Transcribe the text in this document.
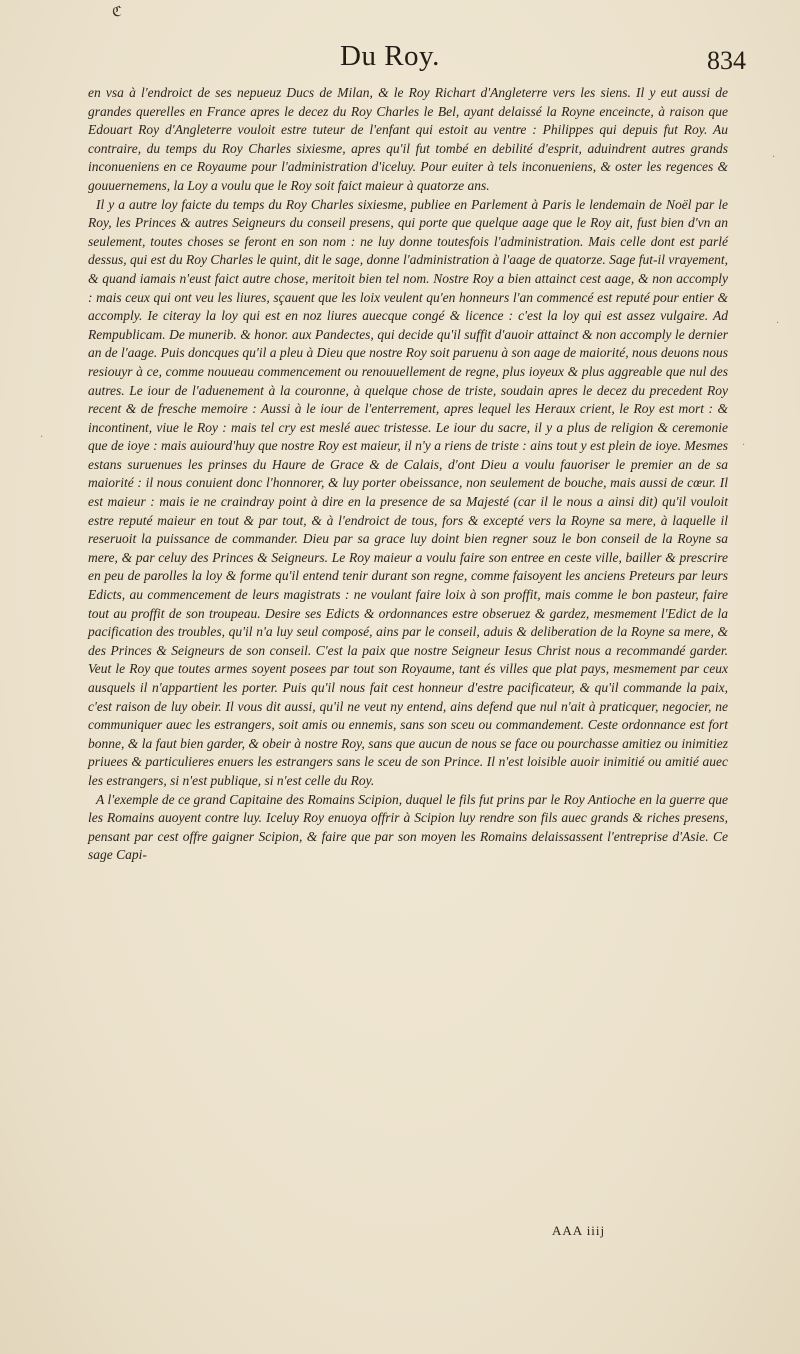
ℭ
Du Roy.	834

en vsa à l'endroict de ses nepueuz Ducs de Milan, & le Roy Richart d'Angleterre vers les siens. Il y eut aussi de grandes querelles en France apres le decez du Roy Charles le Bel, ayant delaissé la Royne enceincte, à raison que Edouart Roy d'Angleterre vouloit estre tuteur de l'enfant qui estoit au ventre : Philippes qui depuis fut Roy. Au contraire, du temps du Roy Charles sixiesme, apres qu'il fut tombé en debilité d'esprit, aduindrent autres grands inconueniens en ce Royaume pour l'administration d'iceluy. Pour euiter à tels inconueniens, & oster les regences & gouuernemens, la Loy a voulu que le Roy soit faict maieur à quatorze ans.

Il y a autre loy faicte du temps du Roy Charles sixiesme, publiee en Parlement à Paris le lendemain de Noël par le Roy, les Princes & autres Seigneurs du conseil presens, qui porte que quelque aage que le Roy ait, fust bien d'vn an seulement, toutes choses se feront en son nom : ne luy donne toutesfois l'administration. Mais celle dont est parlé dessus, qui est du Roy Charles le quint, dit le sage, donne l'administration à l'aage de quatorze. Sage fut-il vrayement, & quand iamais n'eust faict autre chose, meritoit bien tel nom. Nostre Roy a bien attainct cest aage, & non accomply : mais ceux qui ont veu les liures, sçauent que les loix veulent qu'en honneurs l'an commencé est reputé pour entier & accomply. Ie citeray la loy qui est en noz liures auecque congé & licence : c'est la loy qui est assez vulgaire. Ad Rempublicam. De munerib. & honor. aux Pandectes, qui decide qu'il suffit d'auoir attainct & non accomply le dernier an de l'aage. Puis doncques qu'il a pleu à Dieu que nostre Roy soit paruenu à son aage de maiorité, nous deuons nous resiouyr à ce, comme nouueau commencement ou renouuellement de regne, plus ioyeux & plus aggreable que nul des autres. Le iour de l'aduenement à la couronne, à quelque chose de triste, soudain apres le decez du precedent Roy recent & de fresche memoire : Aussi à le iour de l'enterrement, apres lequel les Heraux crient, le Roy est mort : & incontinent, viue le Roy : mais tel cry est meslé auec tristesse. Le iour du sacre, il y a plus de religion & ceremonie que de ioye : mais auiourd'huy que nostre Roy est maieur, il n'y a riens de triste : ains tout y est plein de ioye. Mesmes estans suruenues les prinses du Haure de Grace & de Calais, d'ont Dieu a voulu fauoriser le premier an de sa maiorité : il nous conuient donc l'honnorer, & luy porter obeissance, non seulement de bouche, mais aussi de cœur. Il est maieur : mais ie ne craindray point à dire en la presence de sa Majesté (car il le nous a ainsi dit) qu'il vouloit estre reputé maieur en tout & par tout, & à l'endroict de tous, fors & excepté vers la Royne sa mere, à laquelle il reseruoit la puissance de commander. Dieu par sa grace luy doint bien regner souz le bon conseil de la Royne sa mere, & par celuy des Princes & Seigneurs. Le Roy maieur a voulu faire son entree en ceste ville, bailler & prescrire en peu de parolles la loy & forme qu'il entend tenir durant son regne, comme faisoyent les anciens Preteurs par leurs Edicts, au commencement de leurs magistrats : ne voulant faire loix à son proffit, mais comme le bon pasteur, faire tout au proffit de son troupeau. Desire ses Edicts & ordonnances estre obseruez & gardez, mesmement l'Edict de la pacification des troubles, qu'il n'a luy seul composé, ains par le conseil, aduis & deliberation de la Royne sa mere, & des Princes & Seigneurs de son conseil. C'est la paix que nostre Seigneur Iesus Christ nous a recommandé garder. Veut le Roy que toutes armes soyent posees par tout son Royaume, tant és villes que plat pays, mesmement par ceux ausquels il n'appartient les porter. Puis qu'il nous fait cest honneur d'estre pacificateur, & qu'il commande la paix, c'est raison de luy obeir. Il vous dit aussi, qu'il ne veut ny entend, ains defend que nul n'ait à praticquer, negocier, ne communiquer auec les estrangers, soit amis ou ennemis, sans son sceu ou commandement. Ceste ordonnance est fort bonne, & la faut bien garder, & obeir à nostre Roy, sans que aucun de nous se face ou pourchasse amitiez ou inimitiez priuees & particulieres enuers les estrangers sans le sceu de son Prince. Il n'est loisible auoir inimitié ou amitié auec les estrangers, si n'est publique, si n'est celle du Roy.

A l'exemple de ce grand Capitaine des Romains Scipion, duquel le fils fut prins par le Roy Antioche en la guerre que les Romains auoyent contre luy. Iceluy Roy enuoya offrir à Scipion luy rendre son fils auec grands & riches presens, pensant par cest offre gaigner Scipion, & faire que par son moyen les Romains delaissassent l'entreprise d'Asie. Ce sage Capi-

AAA iiij
·
·
·
·
